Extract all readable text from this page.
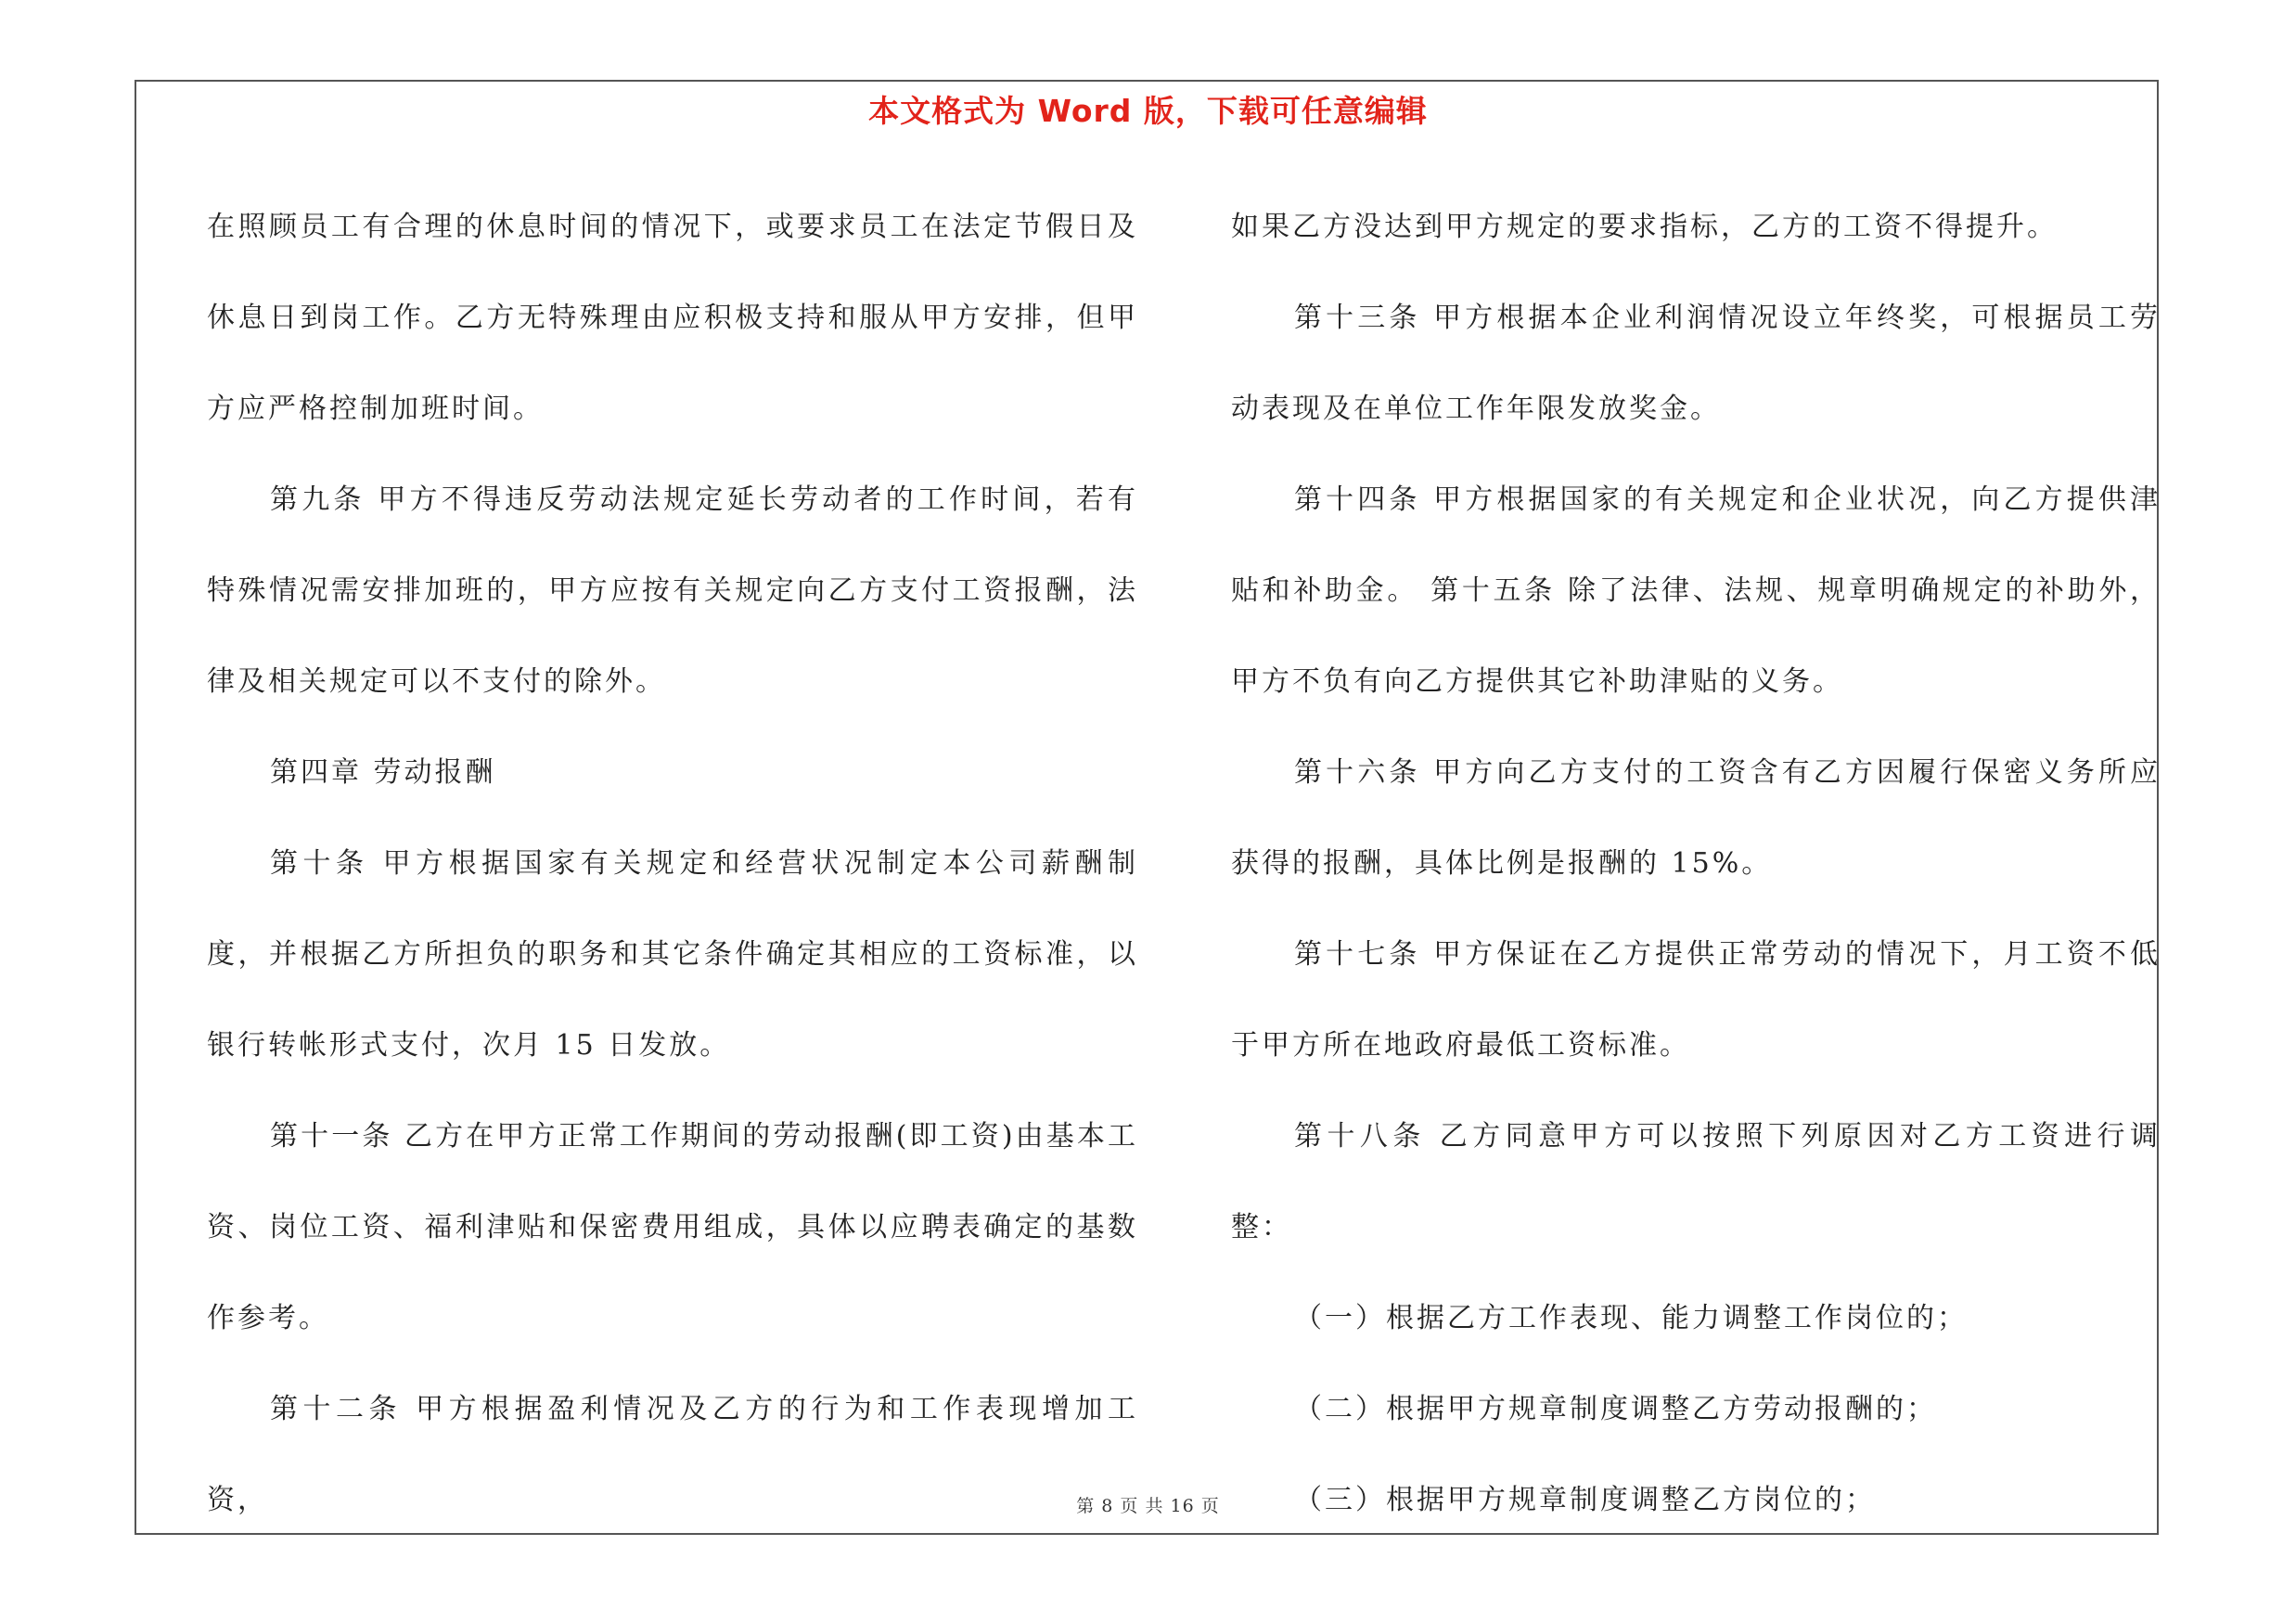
本文格式为 Word 版，下载可任意编辑

在照顾员工有合理的休息时间的情况下，或要求员工在法定节假日及休息日到岗工作。乙方无特殊理由应积极支持和服从甲方安排，但甲方应严格控制加班时间。

第九条 甲方不得违反劳动法规定延长劳动者的工作时间，若有特殊情况需安排加班的，甲方应按有关规定向乙方支付工资报酬，法律及相关规定可以不支付的除外。

第四章 劳动报酬

第十条 甲方根据国家有关规定和经营状况制定本公司薪酬制度，并根据乙方所担负的职务和其它条件确定其相应的工资标准，以银行转帐形式支付，次月 15 日发放。

第十一条 乙方在甲方正常工作期间的劳动报酬(即工资)由基本工资、岗位工资、福利津贴和保密费用组成，具体以应聘表确定的基数作参考。

第十二条 甲方根据盈利情况及乙方的行为和工作表现增加工资，

如果乙方没达到甲方规定的要求指标，乙方的工资不得提升。

第十三条 甲方根据本企业利润情况设立年终奖，可根据员工劳动表现及在单位工作年限发放奖金。

第十四条 甲方根据国家的有关规定和企业状况，向乙方提供津贴和补助金。 第十五条 除了法律、法规、规章明确规定的补助外，甲方不负有向乙方提供其它补助津贴的义务。

第十六条 甲方向乙方支付的工资含有乙方因履行保密义务所应获得的报酬，具体比例是报酬的 15%。

第十七条 甲方保证在乙方提供正常劳动的情况下，月工资不低于甲方所在地政府最低工资标准。

第十八条 乙方同意甲方可以按照下列原因对乙方工资进行调整：

（一）根据乙方工作表现、能力调整工作岗位的；

（二）根据甲方规章制度调整乙方劳动报酬的；

（三）根据甲方规章制度调整乙方岗位的；

第 8 页 共 16 页
